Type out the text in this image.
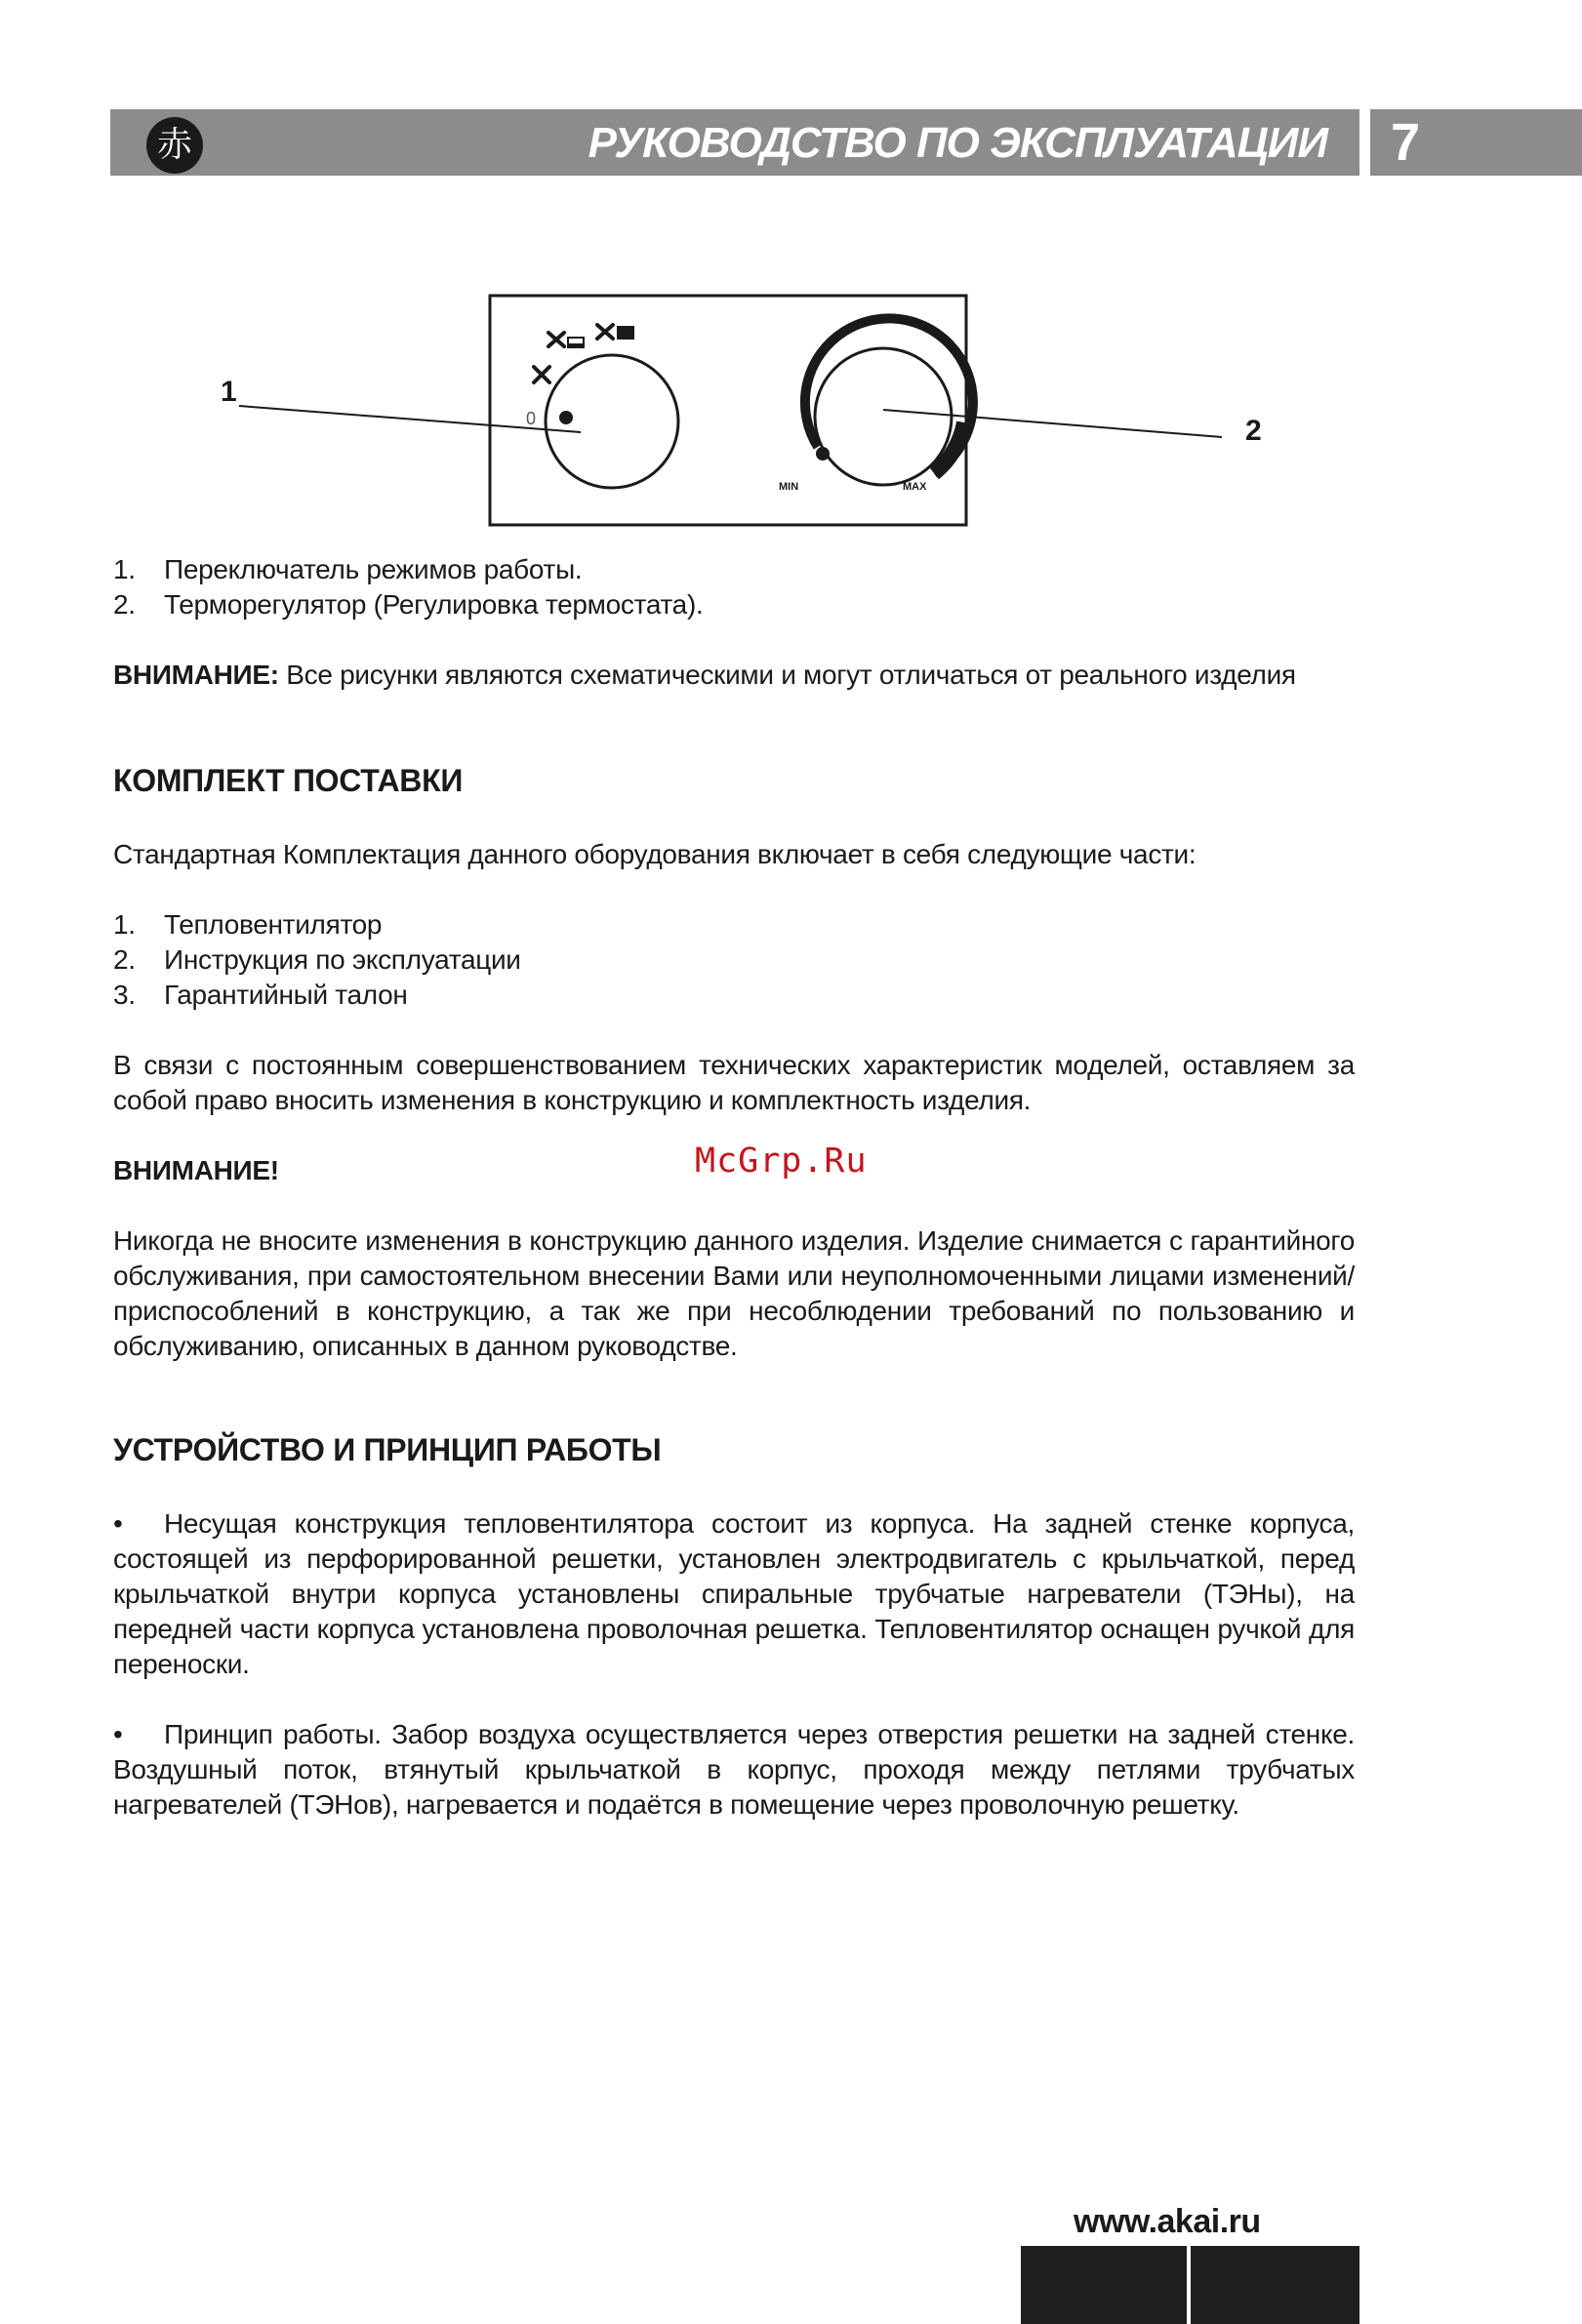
赤	РУКОВОДСТВО ПО ЭКСПЛУАТАЦИИ 7
0
MIN	MAX
1
2
1.	Переключатель режимов работы.
2.	Терморегулятор (Регулировка термостата).
ВНИМАНИЕ: Все рисунки являются схематическими и могут отличаться от реального изделия
КОМПЛЕКТ ПОСТАВКИ
Стандартная Комплектация данного оборудования включает в себя следующие части:
1.	Тепловентилятор
2.	Инструкция по эксплуатации
3.	Гарантийный талон
В связи с постоянным совершенствованием технических характеристик моделей, оставляем за собой право вносить изменения в конструкцию и комплектность изделия.
ВНИМАНИЕ!	McGrp.Ru
Никогда не вносите изменения в конструкцию данного изделия. Изделие снимается с гарантийного обслуживания, при самостоятельном внесении Вами или неуполномоченными лицами изменений/приспособлений в конструкцию, а так же при несоблюдении требований по пользованию и обслуживанию, описанных в данном руководстве.
УСТРОЙСТВО И ПРИНЦИП РАБОТЫ
• Несущая конструкция тепловентилятора состоит из корпуса. На задней стенке корпуса, состоящей из перфорированной решетки, установлен электродвигатель с крыльчаткой, перед крыльчаткой внутри корпуса установлены спиральные трубчатые нагреватели (ТЭНы), на передней части корпуса установлена проволочная решетка. Тепловентилятор оснащен ручкой для переноски.
• Принцип работы. Забор воздуха осуществляется через отверстия решетки на задней стенке. Воздушный поток, втянутый крыльчаткой в корпус, проходя между петлями трубчатых нагревателей (ТЭНов), нагревается и подаётся в помещение через проволочную решетку.
www.akai.ru
